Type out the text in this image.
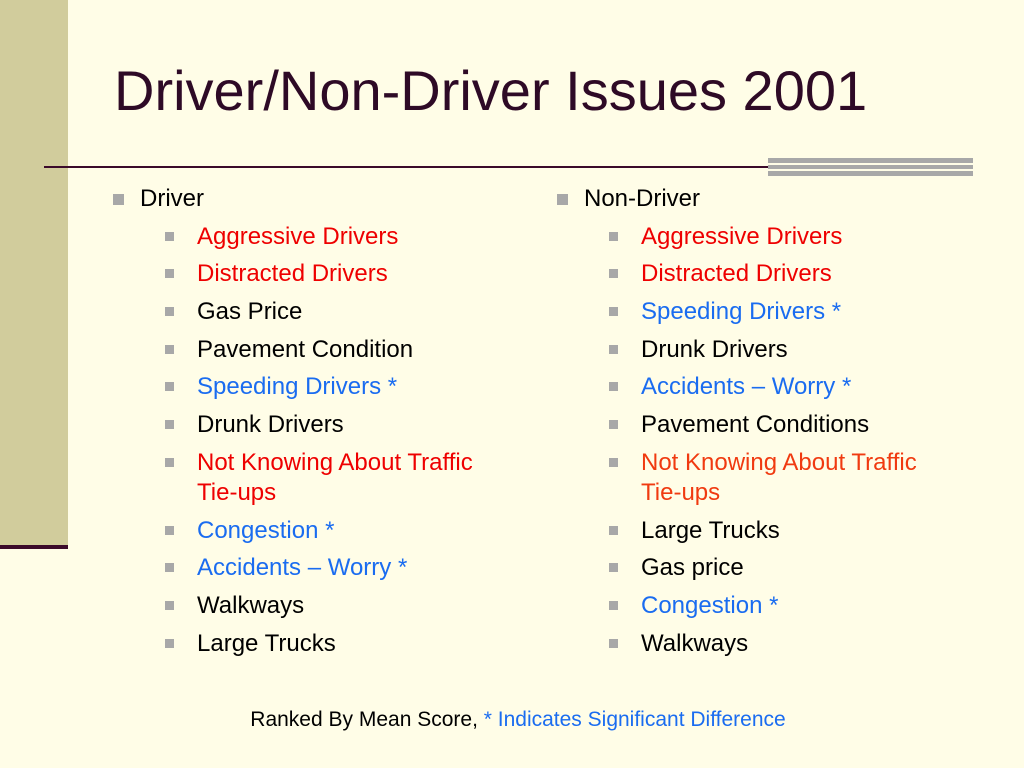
Driver/Non-Driver Issues 2001
Driver
Aggressive Drivers
Distracted Drivers
Gas Price
Pavement Condition
Speeding Drivers *
Drunk Drivers
Not Knowing About Traffic Tie-ups
Congestion *
Accidents – Worry *
Walkways
Large Trucks
Non-Driver
Aggressive Drivers
Distracted Drivers
Speeding Drivers *
Drunk Drivers
Accidents – Worry *
Pavement Conditions
Not Knowing About Traffic Tie-ups
Large Trucks
Gas price
Congestion *
Walkways
Ranked By Mean Score, * Indicates Significant Difference
